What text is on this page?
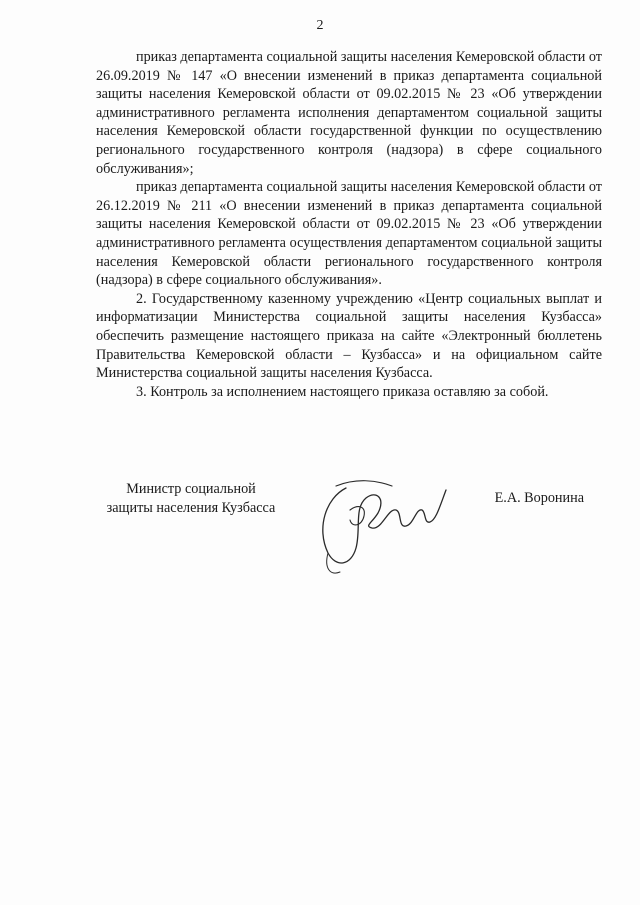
2

приказ департамента социальной защиты населения Кемеровской области от 26.09.2019 № 147 «О внесении изменений в приказ департамента социальной защиты населения Кемеровской области от 09.02.2015 № 23 «Об утверждении административного регламента исполнения департаментом социальной защиты населения Кемеровской области государственной функции по осуществлению регионального государственного контроля (надзора) в сфере социального обслуживания»;

приказ департамента социальной защиты населения Кемеровской области от 26.12.2019 № 211 «О внесении изменений в приказ департамента социальной защиты населения Кемеровской области от 09.02.2015 № 23 «Об утверждении административного регламента осуществления департаментом социальной защиты населения Кемеровской области регионального государственного контроля (надзора) в сфере социального обслуживания».

2. Государственному казенному учреждению «Центр социальных выплат и информатизации Министерства социальной защиты населения Кузбасса» обеспечить размещение настоящего приказа на сайте «Электронный бюллетень Правительства Кемеровской области – Кузбасса» и на официальном сайте Министерства социальной защиты населения Кузбасса.

3. Контроль за исполнением настоящего приказа оставляю за собой.

Министр социальной
защиты населения Кузбасса
Е.А. Воронина
